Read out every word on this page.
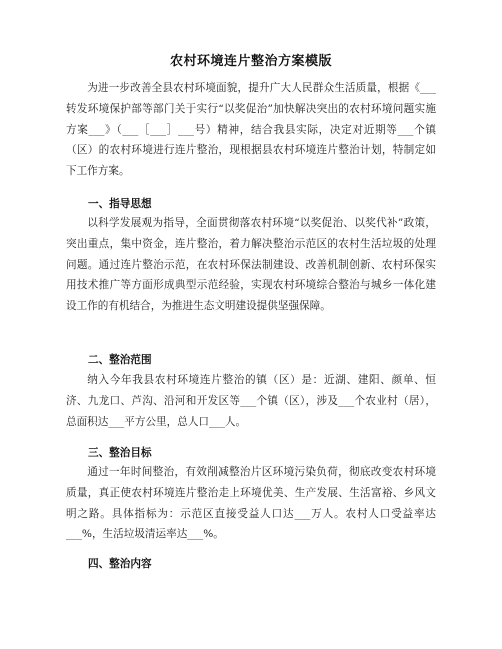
农村环境连片整治方案模版

为进一步改善全县农村环境面貌，提升广大人民群众生活质量，根据《___转发环境保护部等部门关于实行“以奖促治”加快解决突出的农村环境问题实施方案___》（___［___］___号）精神，结合我县实际，决定对近期等___个镇（区）的农村环境进行连片整治，现根据县农村环境连片整治计划，特制定如下工作方案。

一、指导思想

以科学发展观为指导，全面贯彻落农村环境“以奖促治、以奖代补”政策，突出重点，集中资金，连片整治，着力解决整治示范区的农村生活垃圾的处理问题。通过连片整治示范，在农村环保法制建设、改善机制创新、农村环保实用技术推广等方面形成典型示范经验，实现农村环境综合整治与城乡一体化建设工作的有机结合，为推进生态文明建设提供坚强保障。

二、整治范围

纳入今年我县农村环境连片整治的镇（区）是：近湖、建阳、颜单、恒济、九龙口、芦沟、沿河和开发区等___个镇（区），涉及___个农业村（居），总面积达___平方公里，总人口___人。

三、整治目标

通过一年时间整治，有效削减整治片区环境污染负荷，彻底改变农村环境质量，真正使农村环境连片整治走上环境优美、生产发展、生活富裕、乡风文明之路。具体指标为：示范区直接受益人口达___万人。农村人口受益率达___%，生活垃圾清运率达___%。

四、整治内容
